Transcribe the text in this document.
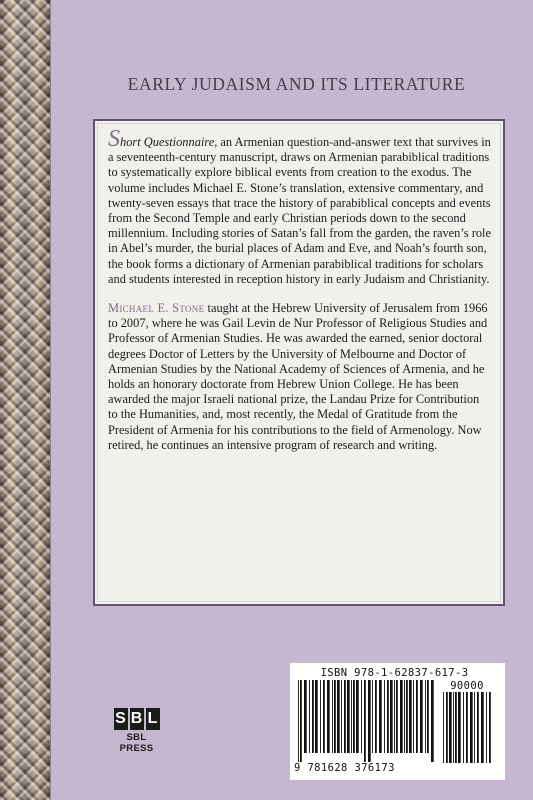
EARLY JUDAISM AND ITS LITERATURE

Short Questionnaire, an Armenian question-and-answer text that survives in a seventeenth-century manuscript, draws on Armenian parabiblical traditions to systematically explore biblical events from creation to the exodus. The volume includes Michael E. Stone’s translation, extensive commentary, and twenty-seven essays that trace the history of parabiblical concepts and events from the Second Temple and early Christian periods down to the second millennium. Including stories of Satan’s fall from the garden, the raven’s role in Abel’s murder, the burial places of Adam and Eve, and Noah’s fourth son, the book forms a dictionary of Armenian parabiblical traditions for scholars and students interested in reception history in early Judaism and Christianity.

Michael E. Stone taught at the Hebrew University of Jerusalem from 1966 to 2007, where he was Gail Levin de Nur Professor of Religious Studies and Professor of Armenian Studies. He was awarded the earned, senior doctoral degrees Doctor of Letters by the University of Melbourne and Doctor of Armenian Studies by the National Academy of Sciences of Armenia, and he holds an honorary doctorate from Hebrew Union College. He has been awarded the major Israeli national prize, the Landau Prize for Contribution to the Humanities, and, most recently, the Medal of Gratitude from the President of Armenia for his contributions to the field of Armenology. Now retired, he continues an intensive program of research and writing.

S B L
SBL PRESS
ISBN 978-1-62837-617-3
9 781628 376173
90000
